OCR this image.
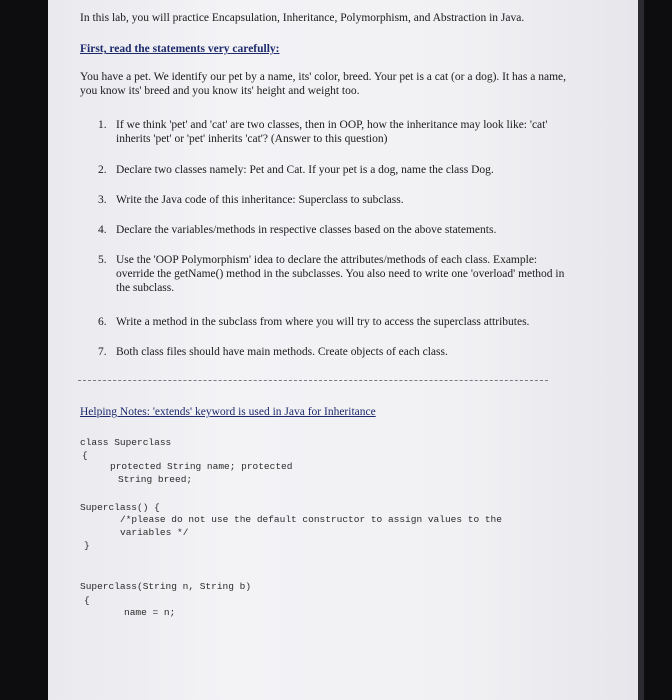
In this lab, you will practice Encapsulation, Inheritance, Polymorphism, and Abstraction in Java.
First, read the statements very carefully:
You have a pet. We identify our pet by a name, its' color, breed. Your pet is a cat (or a dog). It has a name, you know its' breed and you know its' height and weight too.
1. If we think 'pet' and 'cat' are two classes, then in OOP, how the inheritance may look like: 'cat' inherits 'pet' or 'pet' inherits 'cat'? (Answer to this question)
2. Declare two classes namely: Pet and Cat. If your pet is a dog, name the class Dog.
3. Write the Java code of this inheritance: Superclass to subclass.
4. Declare the variables/methods in respective classes based on the above statements.
5. Use the 'OOP Polymorphism' idea to declare the attributes/methods of each class. Example: override the getName() method in the subclasses. You also need to write one 'overload' method in the subclass.
6. Write a method in the subclass from where you will try to access the superclass attributes.
7. Both class files should have main methods. Create objects of each class.
Helping Notes: 'extends' keyword is used in Java for Inheritance
class Superclass
{
protected String name; protected
String breed;
Superclass() {
/*please do not use the default constructor to assign values to the
variables */
}
Superclass(String n, String b)
{
name = n;
